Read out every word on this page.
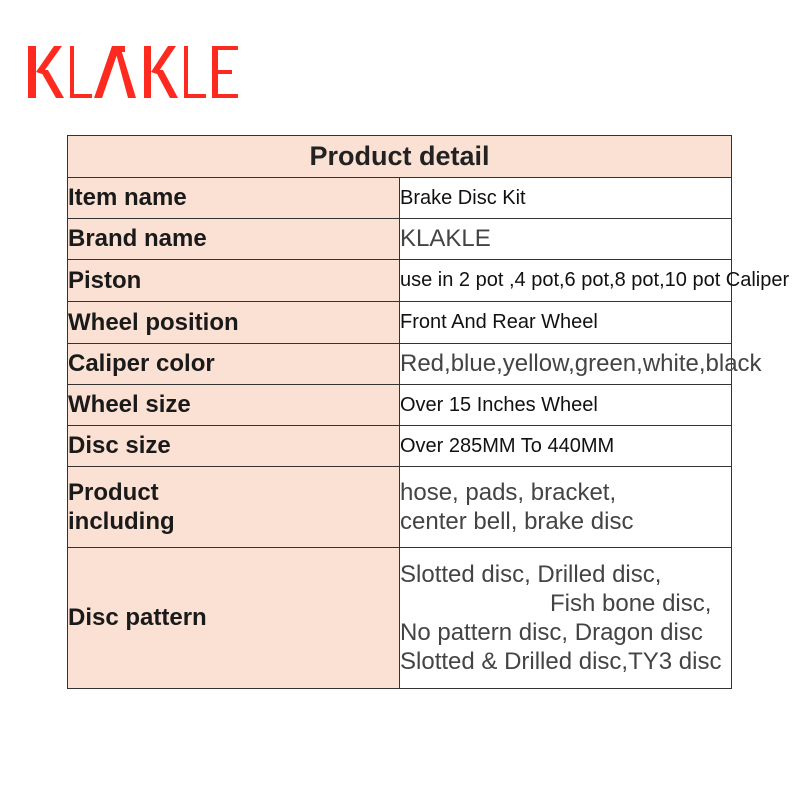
Product detail	
Item name	Brake Disc Kit
Brand name	KLAKLE
Piston	use in 2 pot ,4 pot,6 pot,8 pot,10 pot Caliper
Wheel position	Front And Rear Wheel
Caliper color	Red,blue,yellow,green,white,black
Wheel size	Over 15 Inches Wheel
Disc size	Over 285MM To 440MM

Product
including	hose, pads, bracket,
center bell, brake disc

Disc pattern	Slotted disc, Drilled disc,
Fish bone disc,
No pattern disc, Dragon disc
Slotted & Drilled disc,TY3 disc
